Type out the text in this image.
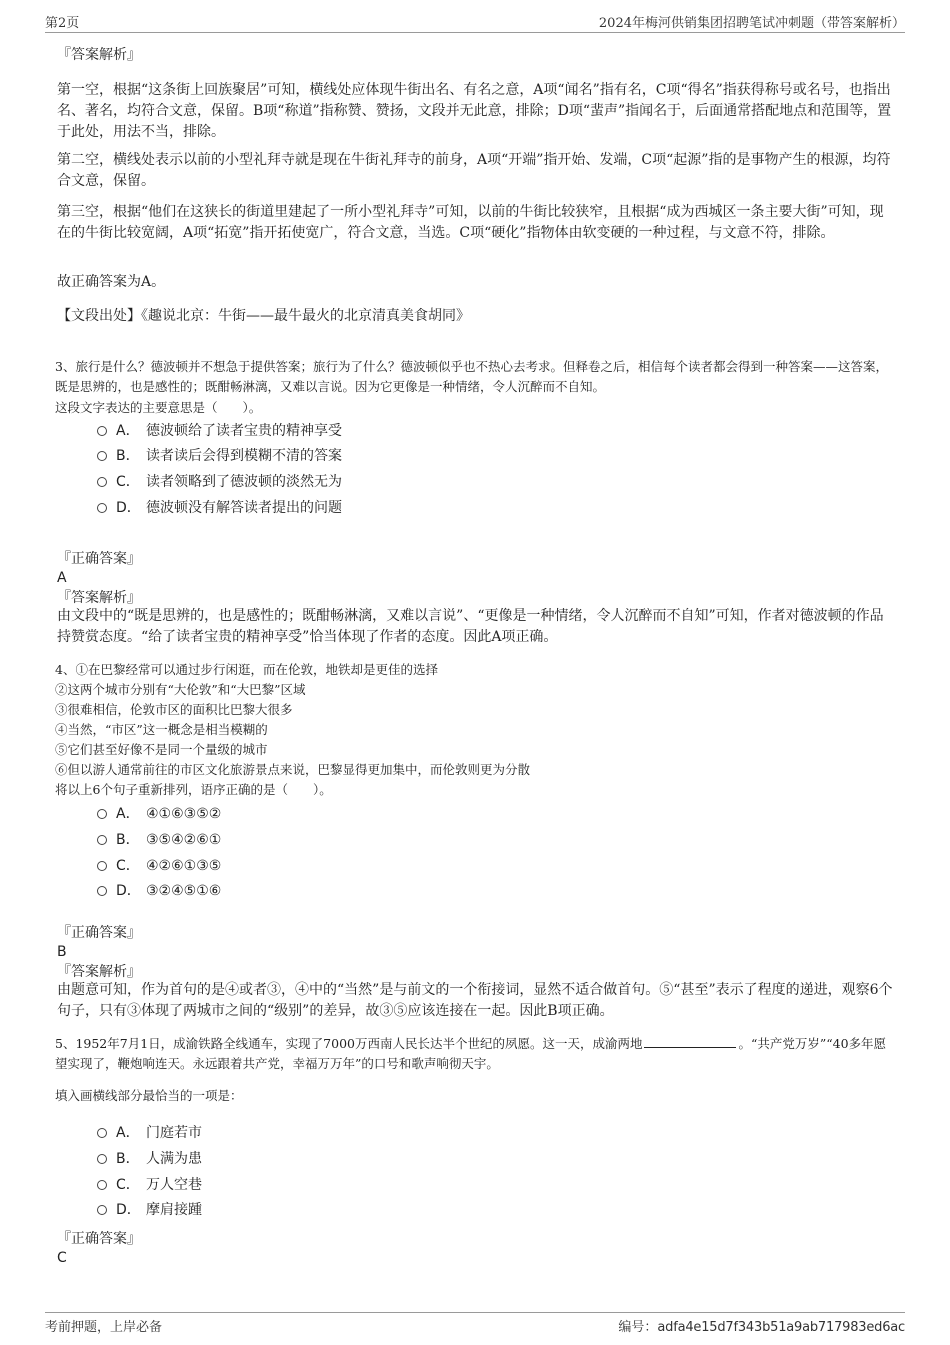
第2页	2024年梅河供销集团招聘笔试冲刺题（带答案解析）
『答案解析』
第一空，根据“这条街上回族聚居”可知，横线处应体现牛街出名、有名之意，A项“闻名”指有名，C项“得名”指获得称号或名号，也指出名、著名，均符合文意，保留。B项“称道”指称赞、赞扬，文段并无此意，排除；D项“蜚声”指闻名于，后面通常搭配地点和范围等，置于此处，用法不当，排除。
第二空，横线处表示以前的小型礼拜寺就是现在牛街礼拜寺的前身，A项“开端”指开始、发端，C项“起源”指的是事物产生的根源，均符合文意，保留。
第三空，根据“他们在这狭长的街道里建起了一所小型礼拜寺”可知，以前的牛街比较狭窄，且根据“成为西城区一条主要大街”可知，现在的牛街比较宽阔，A项“拓宽”指开拓使宽广，符合文意，当选。C项“硬化”指物体由软变硬的一种过程，与文意不符，排除。
故正确答案为A。
【文段出处】《趣说北京：牛街——最牛最火的北京清真美食胡同》
3、旅行是什么？德波顿并不想急于提供答案；旅行为了什么？德波顿似乎也不热心去考求。但释卷之后，相信每个读者都会得到一种答案——这答案，既是思辨的，也是感性的；既酣畅淋漓，又难以言说。因为它更像是一种情绪，令人沉醉而不自知。
这段文字表达的主要意思是（　　）。
A． 德波顿给了读者宝贵的精神享受
B． 读者读后会得到模糊不清的答案
C． 读者领略到了德波顿的淡然无为
D． 德波顿没有解答读者提出的问题
『正确答案』
A
『答案解析』
由文段中的“既是思辨的，也是感性的；既酣畅淋漓，又难以言说”、“更像是一种情绪，令人沉醉而不自知”可知，作者对德波顿的作品持赞赏态度。“给了读者宝贵的精神享受”恰当体现了作者的态度。因此A项正确。
4、①在巴黎经常可以通过步行闲逛，而在伦敦，地铁却是更佳的选择
②这两个城市分别有“大伦敦”和“大巴黎”区域
③很难相信，伦敦市区的面积比巴黎大很多
④当然，“市区”这一概念是相当模糊的
⑤它们甚至好像不是同一个量级的城市
⑥但以游人通常前往的市区文化旅游景点来说，巴黎显得更加集中，而伦敦则更为分散
将以上6个句子重新排列，语序正确的是（　　）。
A． ④①⑥③⑤②
B． ③⑤④②⑥①
C． ④②⑥①③⑤
D． ③②④⑤①⑥
『正确答案』
B
『答案解析』
由题意可知，作为首句的是④或者③，④中的“当然”是与前文的一个衔接词，显然不适合做首句。⑤“甚至”表示了程度的递进，观察6个句子，只有③体现了两城市之间的“级别”的差异，故③⑤应该连接在一起。因此B项正确。
5、1952年7月1日，成渝铁路全线通车，实现了7000万西南人民长达半个世纪的夙愿。这一天，成渝两地	。“共产党万岁”“40多年愿望实现了，鞭炮响连天。永远跟着共产党，幸福万万年”的口号和歌声响彻天宇。
填入画横线部分最恰当的一项是：
A． 门庭若市
B． 人满为患
C． 万人空巷
D． 摩肩接踵
『正确答案』
C
考前押题，上岸必备	编号：adfa4e15d7f343b51a9ab717983ed6ac
